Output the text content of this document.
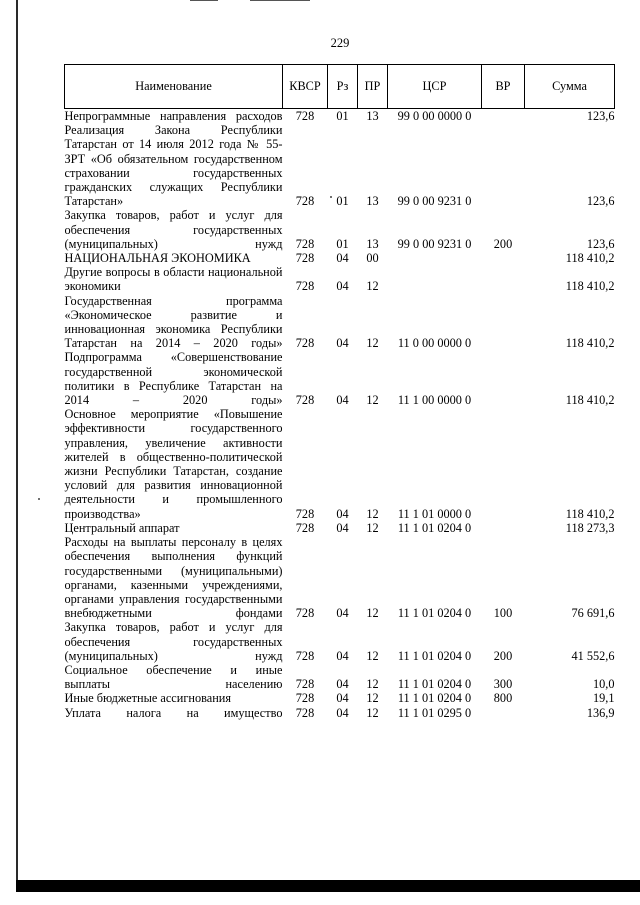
229
Наименование	КВСР	Рз	ПР	ЦСР	ВР	Сумма
Непрограммные направления расходов	728	01	13	99 0 00 0000 0		123,6
Реализация Закона Республики Татарстан от 14 июля 2012 года № 55-ЗРТ «Об обязательном государственном страховании государственных гражданских служащих Республики Татарстан»	728	01	13	99 0 00 9231 0		123,6
Закупка товаров, работ и услуг для обеспечения государственных (муниципальных) нужд	728	01	13	99 0 00 9231 0	200	123,6
НАЦИОНАЛЬНАЯ ЭКОНОМИКА	728	04	00			118 410,2
Другие вопросы в области национальной экономики	728	04	12			118 410,2
Государственная программа «Экономическое развитие и инновационная экономика Республики Татарстан на 2014 – 2020 годы»	728	04	12	11 0 00 0000 0		118 410,2
Подпрограмма «Совершенствование государственной экономической политики в Республике Татарстан на 2014 – 2020 годы»	728	04	12	11 1 00 0000 0		118 410,2
Основное мероприятие «Повышение эффективности государственного управления, увеличение активности жителей в общественно-политической жизни Республики Татарстан, создание условий для развития инновационной деятельности и промышленного производства»	728	04	12	11 1 01 0000 0		118 410,2
Центральный аппарат	728	04	12	11 1 01 0204 0		118 273,3
Расходы на выплаты персоналу в целях обеспечения выполнения функций государственными (муниципальными) органами, казенными учреждениями, органами управления государственными внебюджетными фондами	728	04	12	11 1 01 0204 0	100	76 691,6
Закупка товаров, работ и услуг для обеспечения государственных (муниципальных) нужд	728	04	12	11 1 01 0204 0	200	41 552,6
Социальное обеспечение и иные выплаты населению	728	04	12	11 1 01 0204 0	300	10,0
Иные бюджетные ассигнования	728	04	12	11 1 01 0204 0	800	19,1
Уплата налога на имущество	728	04	12	11 1 01 0295 0		136,9
